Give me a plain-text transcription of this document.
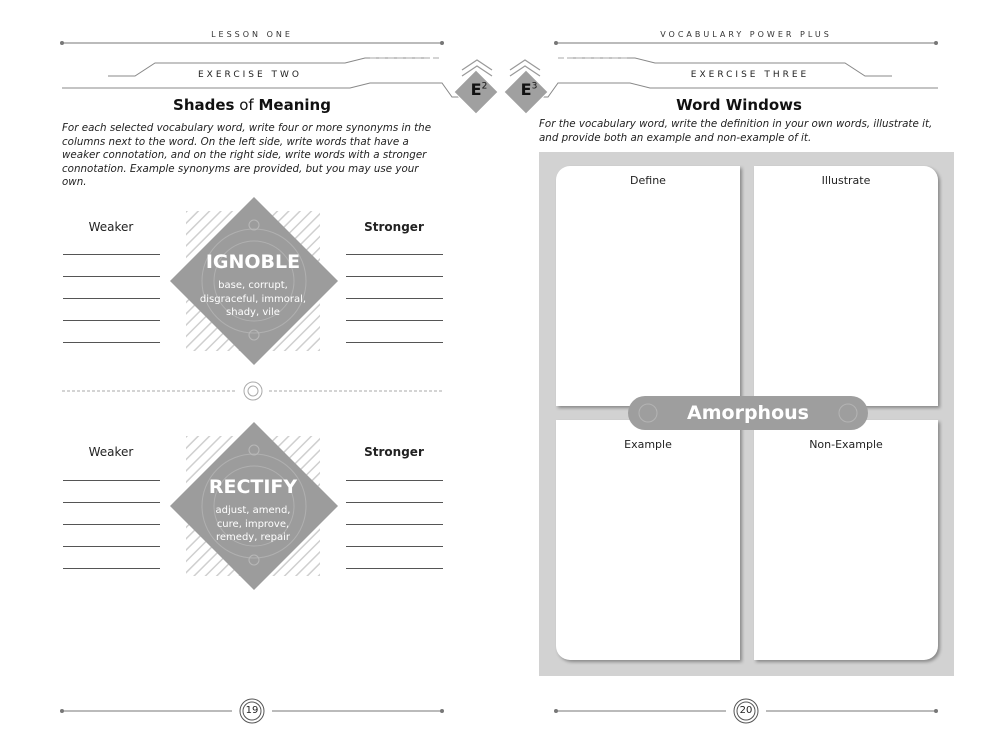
$E^2$ $E^3$
LESSON ONE	VOCABULARY POWER PLUS
EXERCISE TWO	EXERCISE THREE
Shades of Meaning
For each selected vocabulary word, write four or more synonyms in the columns next to the word. On the left side, write words that have a weaker connotation, and on the right side, write words with a stronger connotation. Example synonyms are provided, but you may use your own.
Weaker	Stronger
IGNOBLE
base, corrupt,
disgraceful, immoral,
shady, vile
Weaker	Stronger
RECTIFY
adjust, amend,
cure, improve,
remedy, repair
Word Windows
For the vocabulary word, write the definition in your own words, illustrate it, and provide both an example and non-example of it.
Define	Illustrate
Example	Non-Example
Amorphous
19	20
